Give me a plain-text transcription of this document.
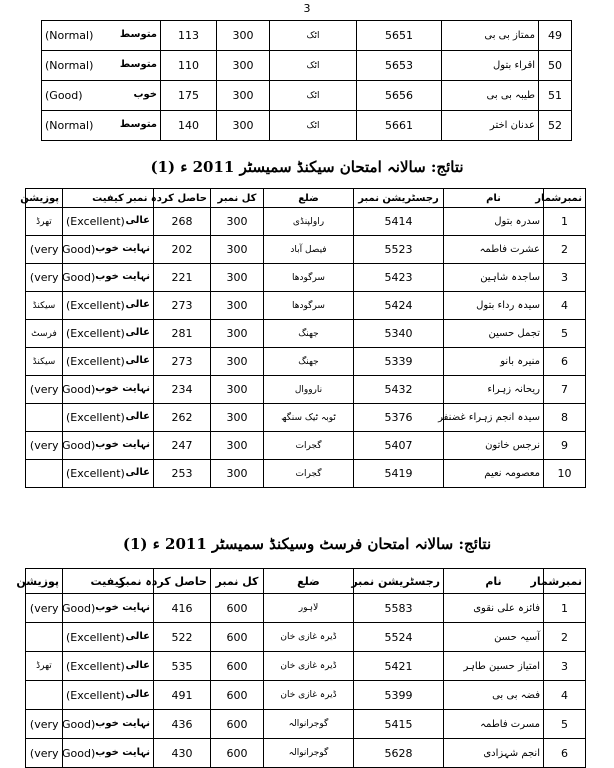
3
49	ممتاز بی بی	5651	اٹک	300	113	متوسط
(Normal)
50	اقراء بتول	5653	اٹک	300	110	متوسط
(Normal)
51	طیبہ بی بی	5656	اٹک	300	175	خوب
(Good)
52	عدنان اختر	5661	اٹک	300	140	متوسط
(Normal)
نتائج: سالانہ امتحان سیکنڈ سمیسٹر 2011 ء (1)
نمبرشمار	نام	رجسٹریشن نمبر	ضلع	کل نمبر	حاصل کردہ نمبر	کیفیت	پوزیشن
1	سدرہ بتول	5414	راولپنڈی	300	268	عالی
(Excellent)	تھرڈ
2	عشرت فاطمہ	5523	فیصل آباد	300	202	نہایت خوب
(very Good)	
3	ساجدہ شاہین	5423	سرگودھا	300	221	نہایت خوب
(very Good)	
4	سیدہ رداء بتول	5424	سرگودھا	300	273	عالی
(Excellent)	سیکنڈ
5	تجمل حسین	5340	جھنگ	300	281	عالی
(Excellent)	فرسٹ
6	منیرہ بانو	5339	جھنگ	300	273	عالی
(Excellent)	سیکنڈ
7	ریحانہ زہراء	5432	نارووال	300	234	نہایت خوب
(very Good)	
8	سیدہ انجم زہراء غضنفر	5376	ٹوبہ ٹیک سنگھ	300	262	عالی
(Excellent)	
9	نرجس خاتون	5407	گجرات	300	247	نہایت خوب
(very Good)	
10	معصومہ نعیم	5419	گجرات	300	253	عالی
(Excellent)	
نتائج: سالانہ امتحان فرسٹ وسیکنڈ سمیسٹر 2011 ء (1)
نمبرشمار	نام	رجسٹریشن نمبر	ضلع	کل نمبر	حاصل کردہ نمبر	کیفیت	پوزیشن
1	فائزہ علی نقوی	5583	لاہور	600	416	نہایت خوب
(very Good)	
2	آسیہ حسن	5524	ڈیرہ غازی خان	600	522	عالی
(Excellent)	
3	امتیاز حسین طاہر	5421	ڈیرہ غازی خان	600	535	عالی
(Excellent)	تھرڈ
4	فضہ بی بی	5399	ڈیرہ غازی خان	600	491	عالی
(Excellent)	
5	مسرت فاطمہ	5415	گوجرانوالہ	600	436	نہایت خوب
(very Good)	
6	انجم شہزادی	5628	گوجرانوالہ	600	430	نہایت خوب
(very Good)	
